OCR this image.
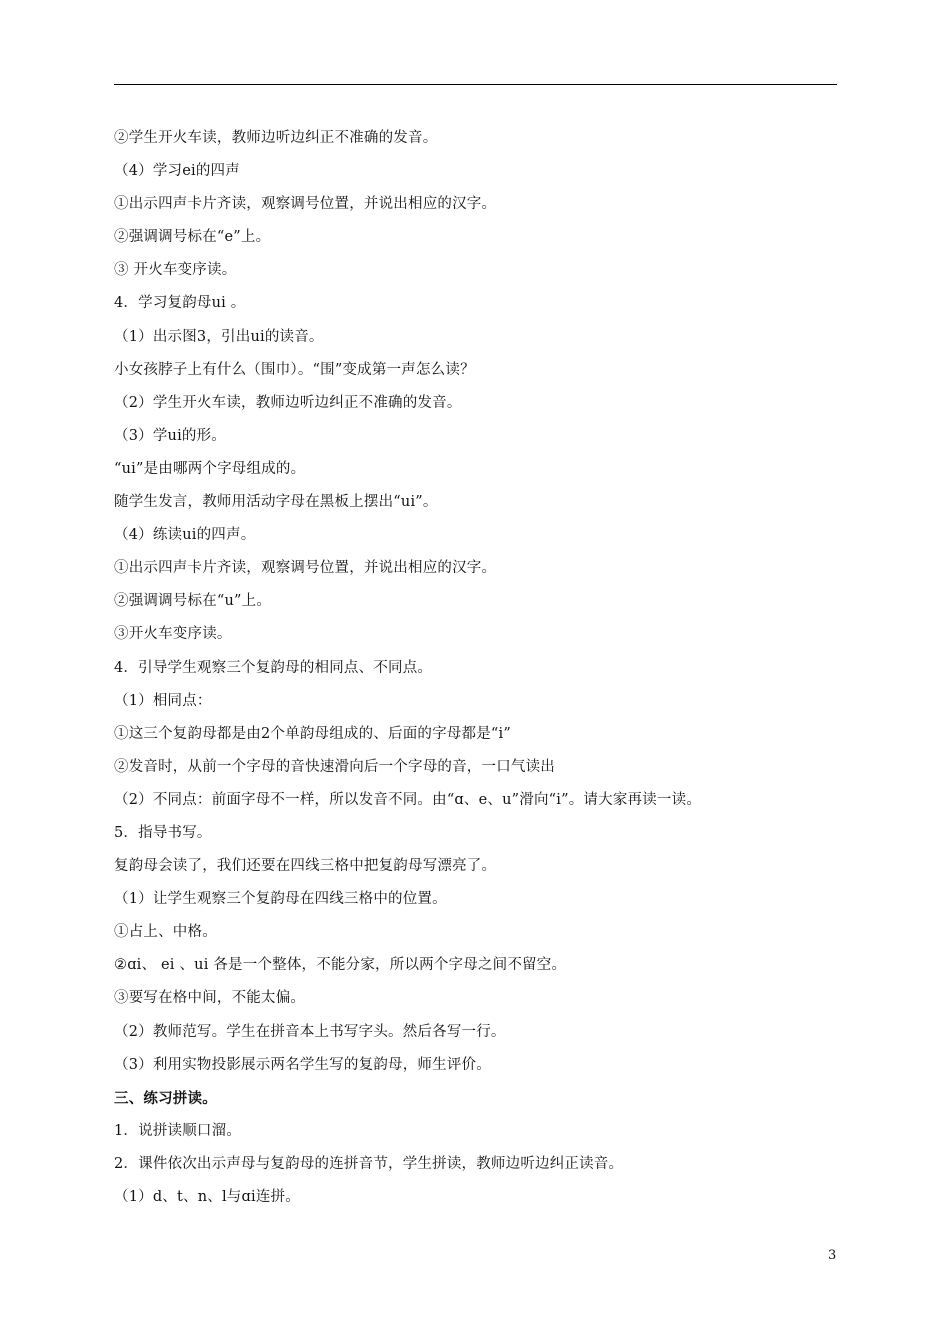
②学生开火车读，教师边听边纠正不准确的发音。
（4）学习ei的四声
①出示四声卡片齐读，观察调号位置，并说出相应的汉字。
②强调调号标在“e”上。
③ 开火车变序读。
4．学习复韵母ui 。
（1）出示图3，引出ui的读音。
小女孩脖子上有什么（围巾）。“围”变成第一声怎么读？
（2）学生开火车读，教师边听边纠正不准确的发音。
（3）学ui的形。
“ui”是由哪两个字母组成的。
随学生发言，教师用活动字母在黑板上摆出“ui”。
（4）练读ui的四声。
①出示四声卡片齐读，观察调号位置，并说出相应的汉字。
②强调调号标在“u”上。
③开火车变序读。
4．引导学生观察三个复韵母的相同点、不同点。
（1）相同点：
①这三个复韵母都是由2个单韵母组成的、后面的字母都是“i”
②发音时，从前一个字母的音快速滑向后一个字母的音，一口气读出
（2）不同点：前面字母不一样，所以发音不同。由“ɑ、e、u”滑向“i”。请大家再读一读。
5．指导书写。
复韵母会读了，我们还要在四线三格中把复韵母写漂亮了。
（1）让学生观察三个复韵母在四线三格中的位置。
①占上、中格。
②ɑi、 ei 、ui 各是一个整体，不能分家，所以两个字母之间不留空。
③要写在格中间，不能太偏。
（2）教师范写。学生在拼音本上书写字头。然后各写一行。
（3）利用实物投影展示两名学生写的复韵母，师生评价。
三、练习拼读。
1．说拼读顺口溜。
2．课件依次出示声母与复韵母的连拼音节，学生拼读，教师边听边纠正读音。
（1）d、t、n、l与ɑi连拼。
3
